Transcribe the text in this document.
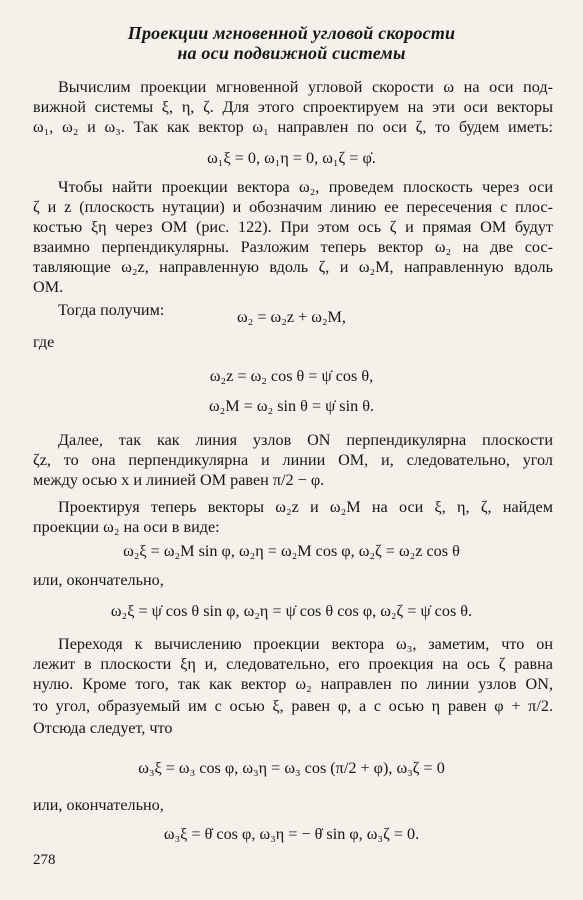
Проекции мгновенной угловой скорости
на оси подвижной системы
Вычислим проекции мгновенной угловой скорости ω на оси под-
вижной системы ξ, η, ζ. Для этого спроектируем на эти оси векторы
ω₁, ω₂ и ω₃. Так как вектор ω₁ направлен по оси ζ, то будем иметь:
ω₁ξ = 0, ω₁η = 0, ω₁ζ = φ̇.
Чтобы найти проекции вектора ω₂, проведем плоскость через оси
ζ и z (плоскость нутации) и обозначим линию ее пересечения с плос-
костью ξη через OM (рис. 122). При этом ось ζ и прямая OM будут
взаимно перпендикулярны. Разложим теперь вектор ω₂ на две сос-
тавляющие ω₂z, направленную вдоль ζ, и ω₂M, направленную вдоль
OM.
Тогда получим:	ω₂ = ω₂z + ω₂M,
где
ω₂z = ω₂ cos θ = ψ̇ cos θ,
ω₂M = ω₂ sin θ = ψ̇ sin θ.
Далее, так как линия узлов ON перпендикулярна плоскости
ζz, то она перпендикулярна и линии OM, и, следовательно, угол
между осью x и линией OM равен π/2 − φ.
Проектируя теперь векторы ω₂z и ω₂M на оси ξ, η, ζ, найдем
проекции ω₂ на оси в виде:
ω₂ξ = ω₂M sin φ, ω₂η = ω₂M cos φ, ω₂ζ = ω₂z cos θ
или, окончательно,
ω₂ξ = ψ̇ cos θ sin φ, ω₂η = ψ̇ cos θ cos φ, ω₂ζ = ψ̇ cos θ.
Переходя к вычислению проекции вектора ω₃, заметим, что он
лежит в плоскости ξη и, следовательно, его проекция на ось ζ равна
нулю. Кроме того, так как вектор ω₂ направлен по линии узлов ON,
то угол, образуемый им с осью ξ, равен φ, а с осью η равен φ + π/2.
Отсюда следует, что
ω₃ξ = ω₃ cos φ, ω₃η = ω₃ cos (π/2 + φ), ω₃ζ = 0
или, окончательно,
ω₃ξ = θ̇ cos φ, ω₃η = − θ̇ sin φ, ω₃ζ = 0.
278
